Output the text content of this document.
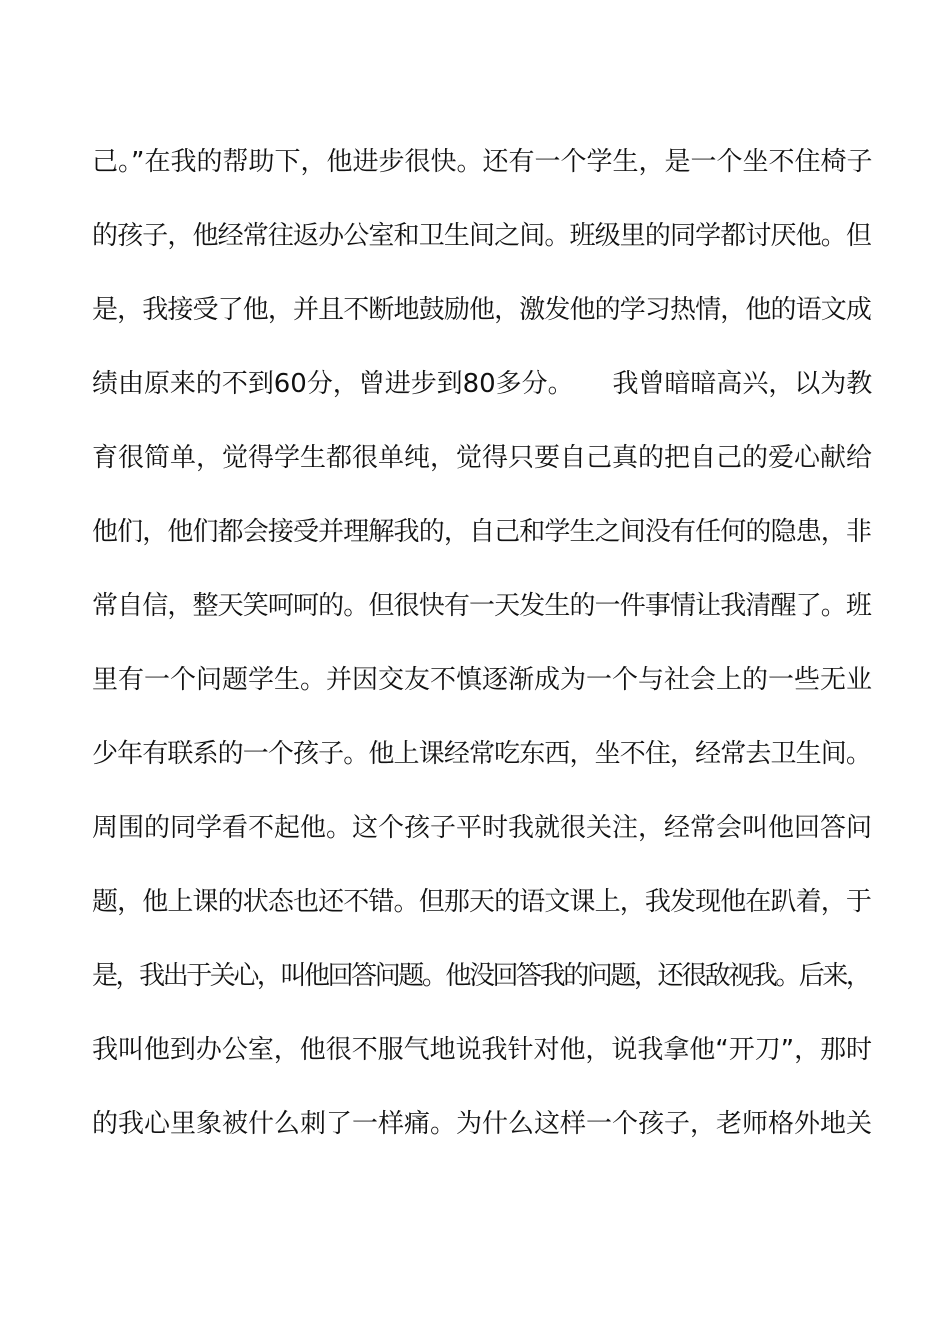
己。”在我的帮助下，他进步很快。还有一个学生，是一个坐不住椅子
的孩子，他经常往返办公室和卫生间之间。班级里的同学都讨厌他。但
是，我接受了他，并且不断地鼓励他，激发他的学习热情，他的语文成
绩由原来的不到60分，曾进步到80多分。　　我曾暗暗高兴，以为教
育很简单，觉得学生都很单纯，觉得只要自己真的把自己的爱心献给
他们，他们都会接受并理解我的，自己和学生之间没有任何的隐患，非
常自信，整天笑呵呵的。但很快有一天发生的一件事情让我清醒了。班
里有一个问题学生。并因交友不慎逐渐成为一个与社会上的一些无业
少年有联系的一个孩子。他上课经常吃东西，坐不住，经常去卫生间。
周围的同学看不起他。这个孩子平时我就很关注，经常会叫他回答问
题，他上课的状态也还不错。但那天的语文课上，我发现他在趴着，于
是，我出于关心，叫他回答问题。他没回答我的问题，还很敌视我。后来，
我叫他到办公室，他很不服气地说我针对他，说我拿他“开刀”，那时
的我心里象被什么刺了一样痛。为什么这样一个孩子，老师格外地关
